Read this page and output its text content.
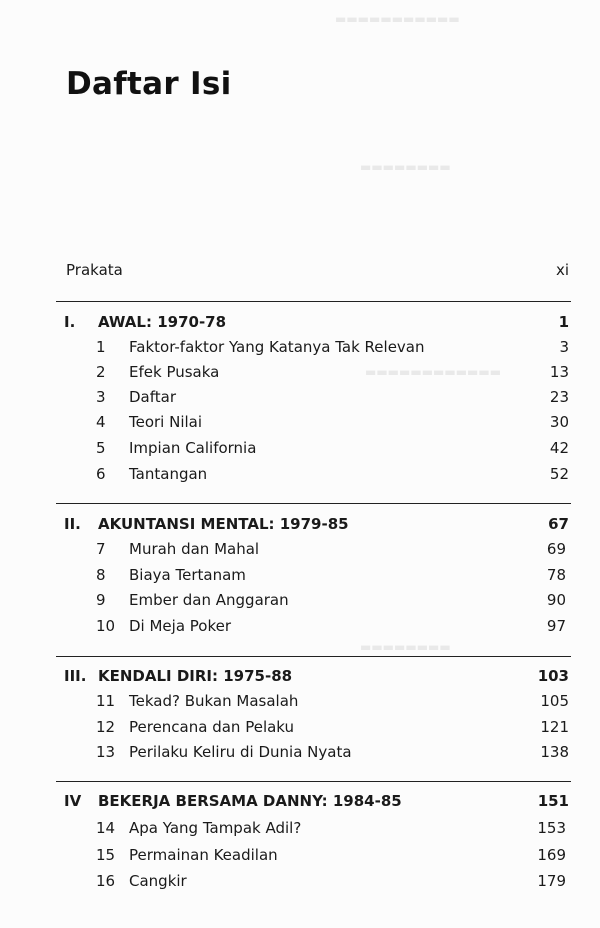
▬▬▬▬▬▬▬▬▬▬▬
▬▬▬▬▬▬▬▬
▬▬▬▬▬▬▬▬▬▬▬▬
▬▬▬▬▬▬▬▬
Daftar Isi
Prakata	xi
I. AWAL: 1970-78	1
1 Faktor-faktor Yang Katanya Tak Relevan	3
2 Efek Pusaka	13
3 Daftar	23
4 Teori Nilai	30
5 Impian California	42
6 Tantangan	52
II. AKUNTANSI MENTAL: 1979-85	67
7 Murah dan Mahal	69
8 Biaya Tertanam	78
9 Ember dan Anggaran	90
10 Di Meja Poker	97
III. KENDALI DIRI: 1975-88	103
11 Tekad? Bukan Masalah	105
12 Perencana dan Pelaku	121
13 Perilaku Keliru di Dunia Nyata	138
IV BEKERJA BERSAMA DANNY: 1984-85	151
14 Apa Yang Tampak Adil?	153
15 Permainan Keadilan	169
16 Cangkir	179
